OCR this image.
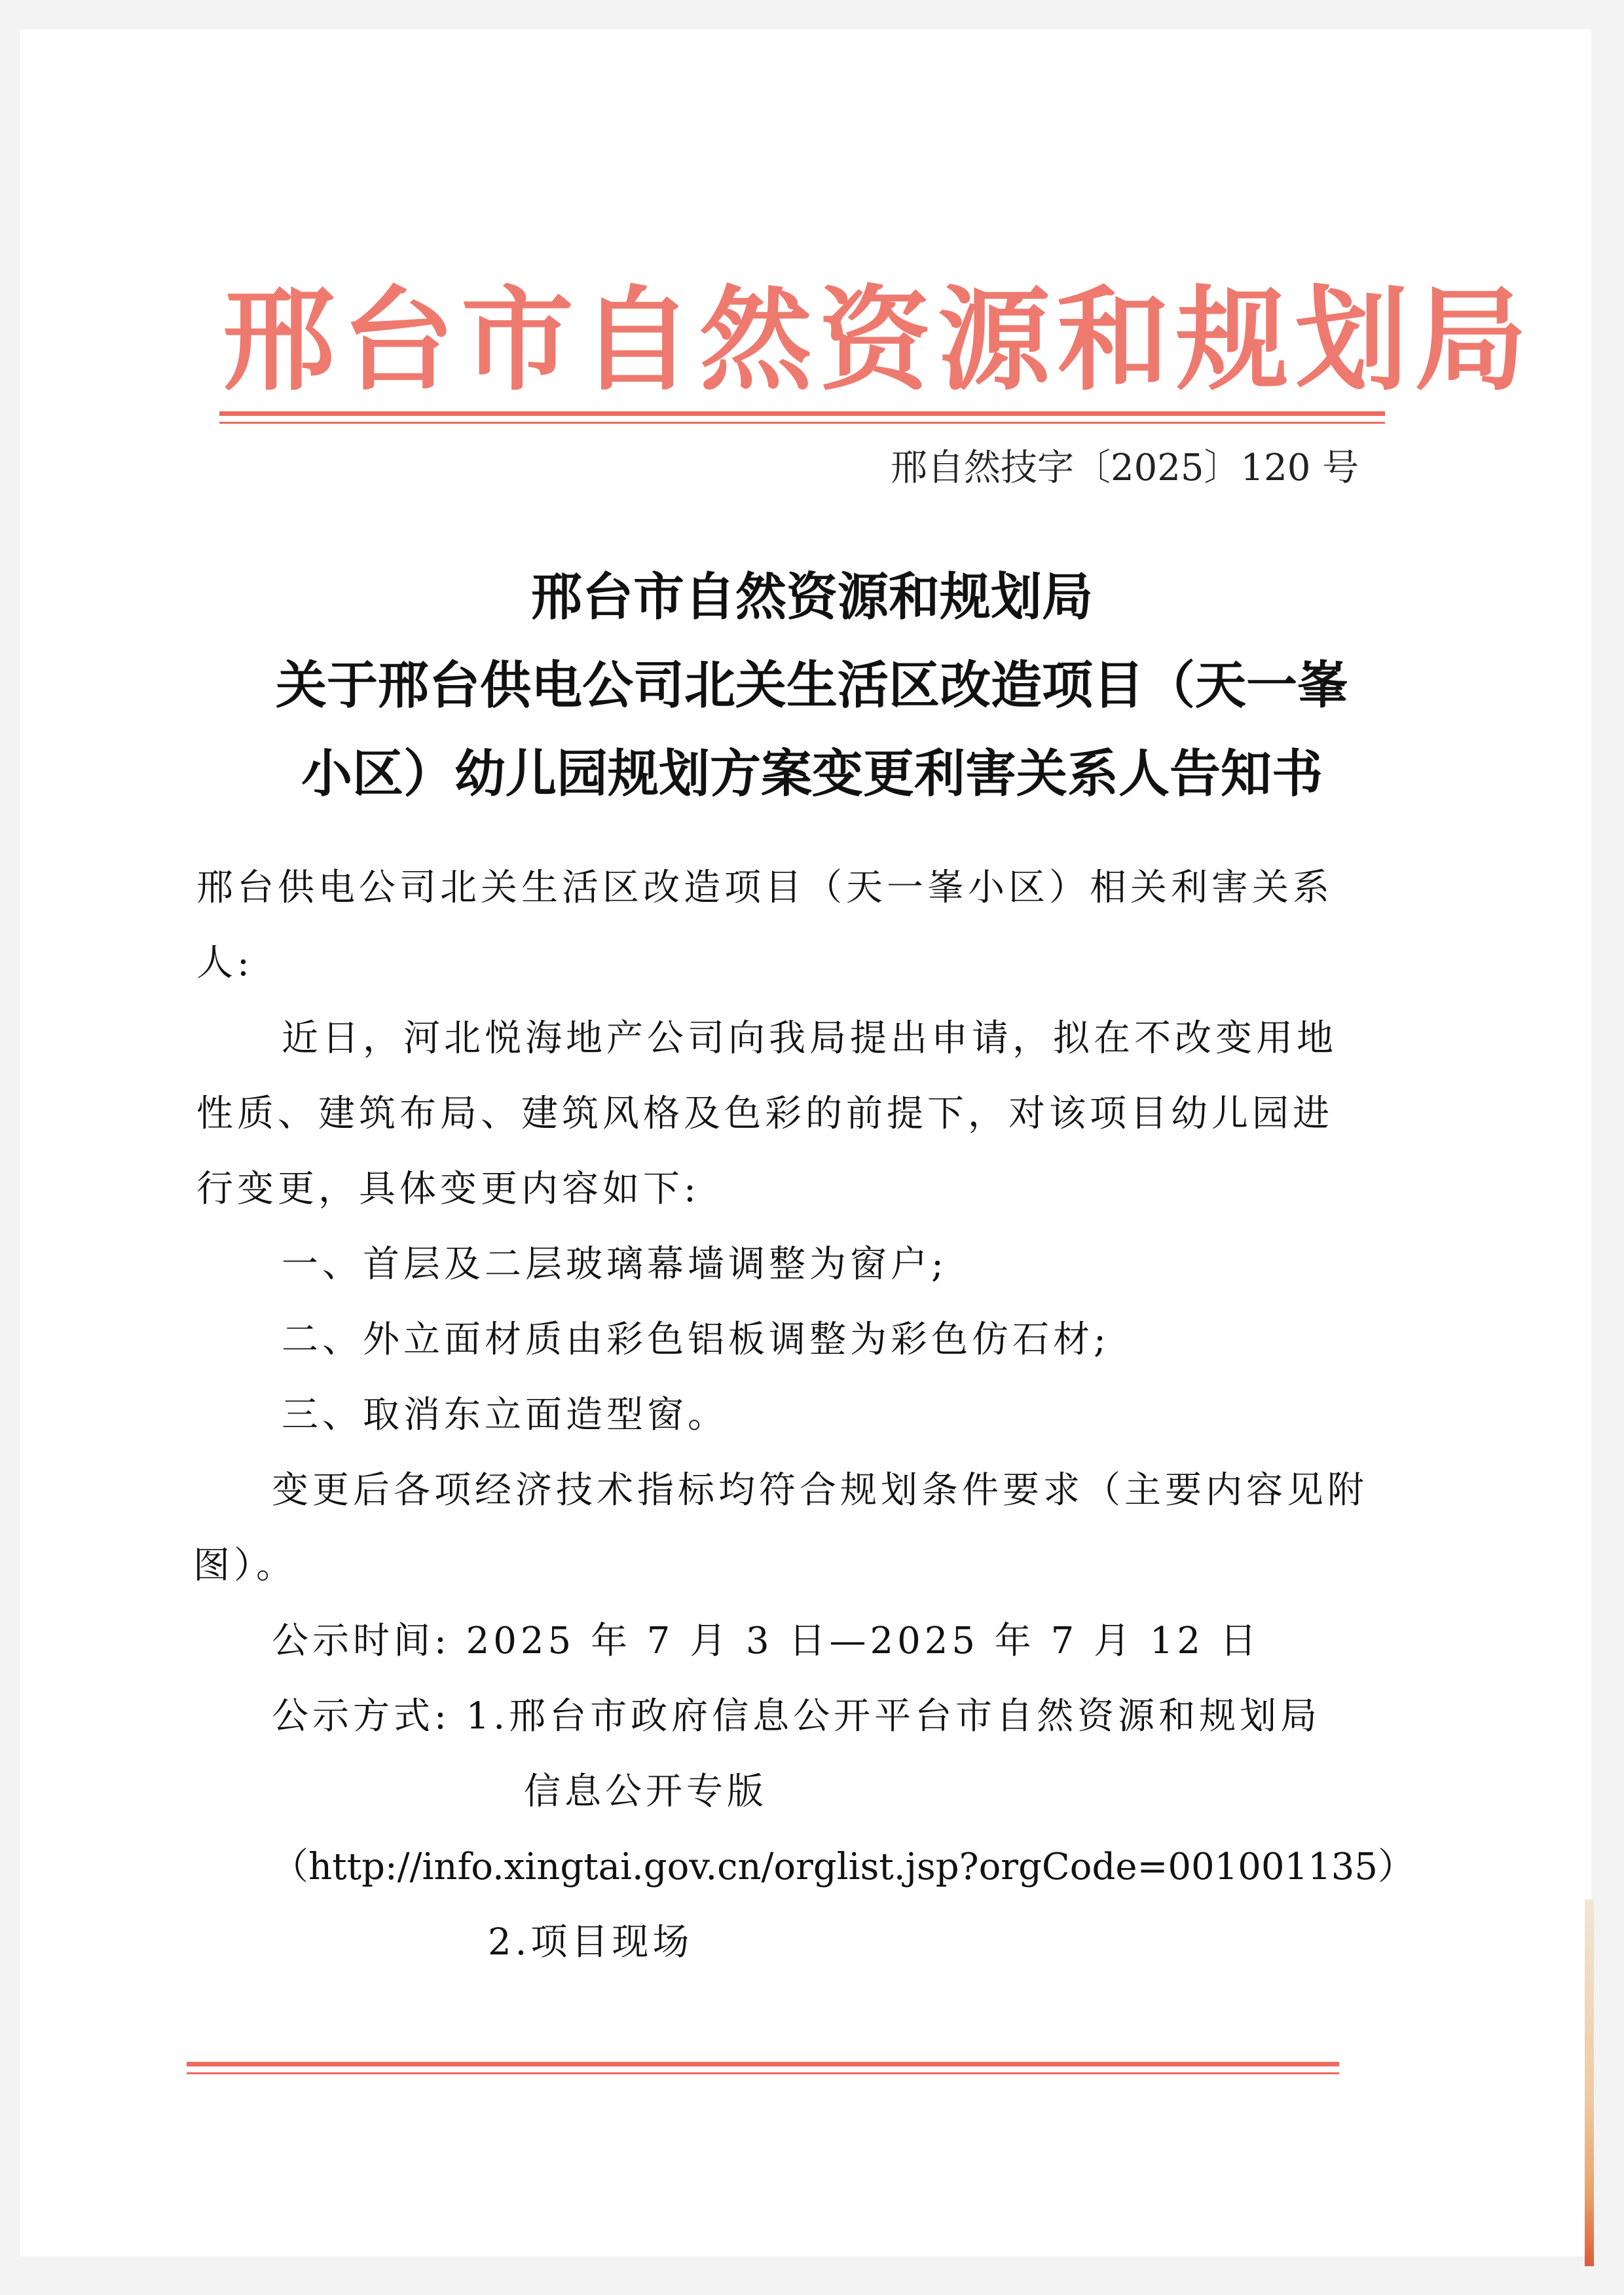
邢台市自然资源和规划局
邢自然技字〔2025〕120 号
邢台市自然资源和规划局
关于邢台供电公司北关生活区改造项目（天一峯
小区）幼儿园规划方案变更利害关系人告知书
邢台供电公司北关生活区改造项目（天一峯小区）相关利害关系
人:
近日，河北悦海地产公司向我局提出申请，拟在不改变用地
性质、建筑布局、建筑风格及色彩的前提下，对该项目幼儿园进
行变更，具体变更内容如下:
一、首层及二层玻璃幕墙调整为窗户;
二、外立面材质由彩色铝板调整为彩色仿石材;
三、取消东立面造型窗。
变更后各项经济技术指标均符合规划条件要求（主要内容见附
图）。
公示时间: 2025 年 7 月 3 日—2025 年 7 月 12 日
公示方式: 1.邢台市政府信息公开平台市自然资源和规划局
信息公开专版
（http://info.xingtai.gov.cn/orglist.jsp?orgCode=001001135）
2.项目现场
